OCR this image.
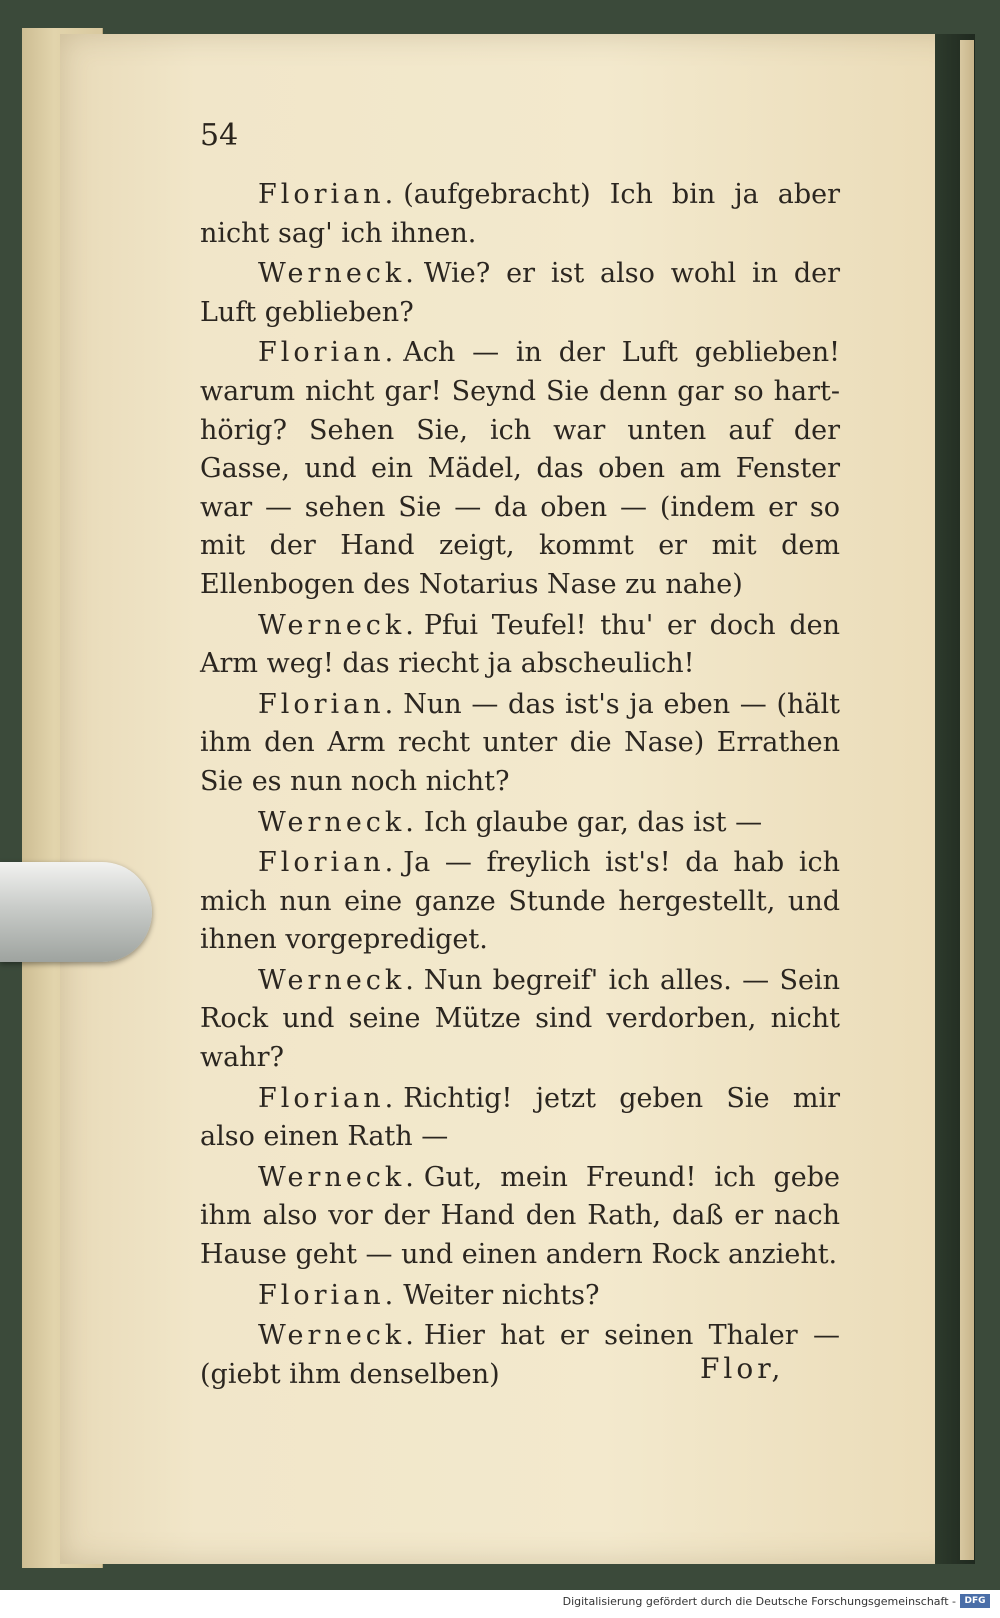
54

Florian. (aufgebracht) Ich bin ja aber nicht sag' ich ihnen.

Werneck. Wie? er ist also wohl in der Luft geblieben?

Florian. Ach — in der Luft geblieben! warum nicht gar! Seynd Sie denn gar so hart-hörig? Sehen Sie, ich war unten auf der Gasse, und ein Mädel, das oben am Fenster war — sehen Sie — da oben — (indem er so mit der Hand zeigt, kommt er mit dem Ellenbogen des Notarius Nase zu nahe)

Werneck. Pfui Teufel! thu' er doch den Arm weg! das riecht ja abscheulich!

Florian. Nun — das ist's ja eben — (hält ihm den Arm recht unter die Nase) Errathen Sie es nun noch nicht?

Werneck. Ich glaube gar, das ist —

Florian. Ja — freylich ist's! da hab ich mich nun eine ganze Stunde hergestellt, und ihnen vorgeprediget.

Werneck. Nun begreif' ich alles. — Sein Rock und seine Mütze sind verdorben, nicht wahr?

Florian. Richtig! jetzt geben Sie mir also einen Rath —

Werneck. Gut, mein Freund! ich gebe ihm also vor der Hand den Rath, daß er nach Hause geht — und einen andern Rock anzieht.

Florian. Weiter nichts?

Werneck. Hier hat er seinen Thaler — (giebt ihm denselben)	Flor,
Digitalisierung gefördert durch die Deutsche Forschungsgemeinschaft - DFG
